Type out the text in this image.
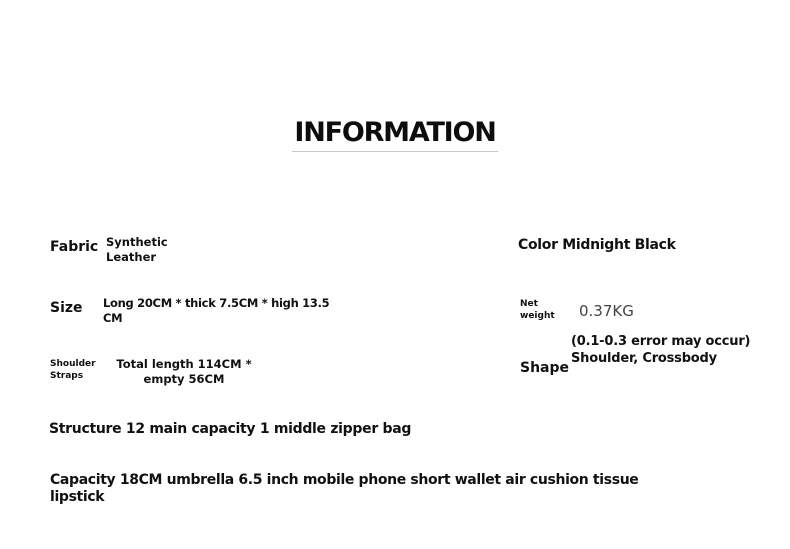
INFORMATION
Fabric Synthetic
Leather
Color Midnight Black
Size Long 20CM * thick 7.5CM * high 13.5
CM
Net
weight 0.37KG
(0.1-0.3 error may occur)
Shoulder
Straps
Total length 114CM *
empty 56CM
Shape
Shoulder, Crossbody
Structure 12 main capacity 1 middle zipper bag
Capacity 18CM umbrella 6.5 inch mobile phone short wallet air cushion tissue
lipstick
